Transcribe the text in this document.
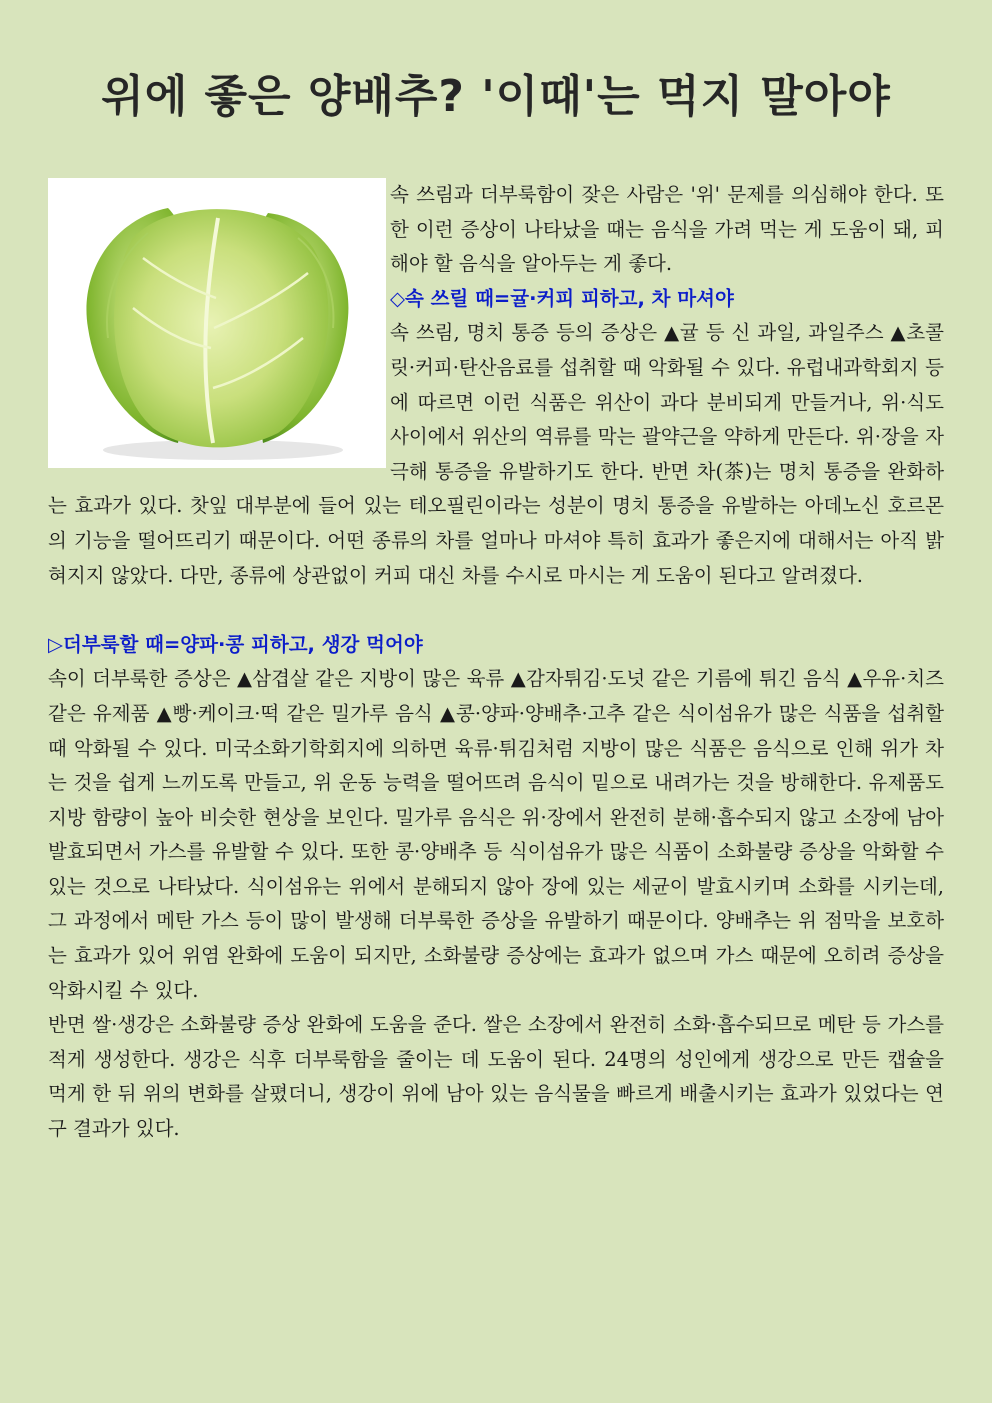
위에 좋은 양배추? '이때'는 먹지 말아야

속 쓰림과 더부룩함이 잦은 사람은 '위' 문제를 의심해야 한다. 또한 이런 증상이 나타났을 때는 음식을 가려 먹는 게 도움이 돼, 피해야 할 음식을 알아두는 게 좋다.

◇속 쓰릴 때=귤·커피 피하고, 차 마셔야

속 쓰림, 명치 통증 등의 증상은 ▲귤 등 신 과일, 과일주스 ▲초콜릿·커피·탄산음료를 섭취할 때 악화될 수 있다. 유럽내과학회지 등에 따르면 이런 식품은 위산이 과다 분비되게 만들거나, 위·식도 사이에서 위산의 역류를 막는 괄약근을 약하게 만든다. 위·장을 자극해 통증을 유발하기도 한다. 반면 차(茶)는 명치 통증을 완화하는 효과가 있다. 찻잎 대부분에 들어 있는 테오필린이라는 성분이 명치 통증을 유발하는 아데노신 호르몬의 기능을 떨어뜨리기 때문이다. 어떤 종류의 차를 얼마나 마셔야 특히 효과가 좋은지에 대해서는 아직 밝혀지지 않았다. 다만, 종류에 상관없이 커피 대신 차를 수시로 마시는 게 도움이 된다고 알려졌다.

▷더부룩할 때=양파·콩 피하고, 생강 먹어야

속이 더부룩한 증상은 ▲삼겹살 같은 지방이 많은 육류 ▲감자튀김·도넛 같은 기름에 튀긴 음식 ▲우유·치즈 같은 유제품 ▲빵·케이크·떡 같은 밀가루 음식 ▲콩·양파·양배추·고추 같은 식이섬유가 많은 식품을 섭취할 때 악화될 수 있다. 미국소화기학회지에 의하면 육류·튀김처럼 지방이 많은 식품은 음식으로 인해 위가 차는 것을 쉽게 느끼도록 만들고, 위 운동 능력을 떨어뜨려 음식이 밑으로 내려가는 것을 방해한다. 유제품도 지방 함량이 높아 비슷한 현상을 보인다. 밀가루 음식은 위·장에서 완전히 분해·흡수되지 않고 소장에 남아 발효되면서 가스를 유발할 수 있다. 또한 콩·양배추 등 식이섬유가 많은 식품이 소화불량 증상을 악화할 수 있는 것으로 나타났다. 식이섬유는 위에서 분해되지 않아 장에 있는 세균이 발효시키며 소화를 시키는데, 그 과정에서 메탄 가스 등이 많이 발생해 더부룩한 증상을 유발하기 때문이다. 양배추는 위 점막을 보호하는 효과가 있어 위염 완화에 도움이 되지만, 소화불량 증상에는 효과가 없으며 가스 때문에 오히려 증상을 악화시킬 수 있다.

반면 쌀·생강은 소화불량 증상 완화에 도움을 준다. 쌀은 소장에서 완전히 소화·흡수되므로 메탄 등 가스를 적게 생성한다. 생강은 식후 더부룩함을 줄이는 데 도움이 된다. 24명의 성인에게 생강으로 만든 캡슐을 먹게 한 뒤 위의 변화를 살폈더니, 생강이 위에 남아 있는 음식물을 빠르게 배출시키는 효과가 있었다는 연구 결과가 있다.
